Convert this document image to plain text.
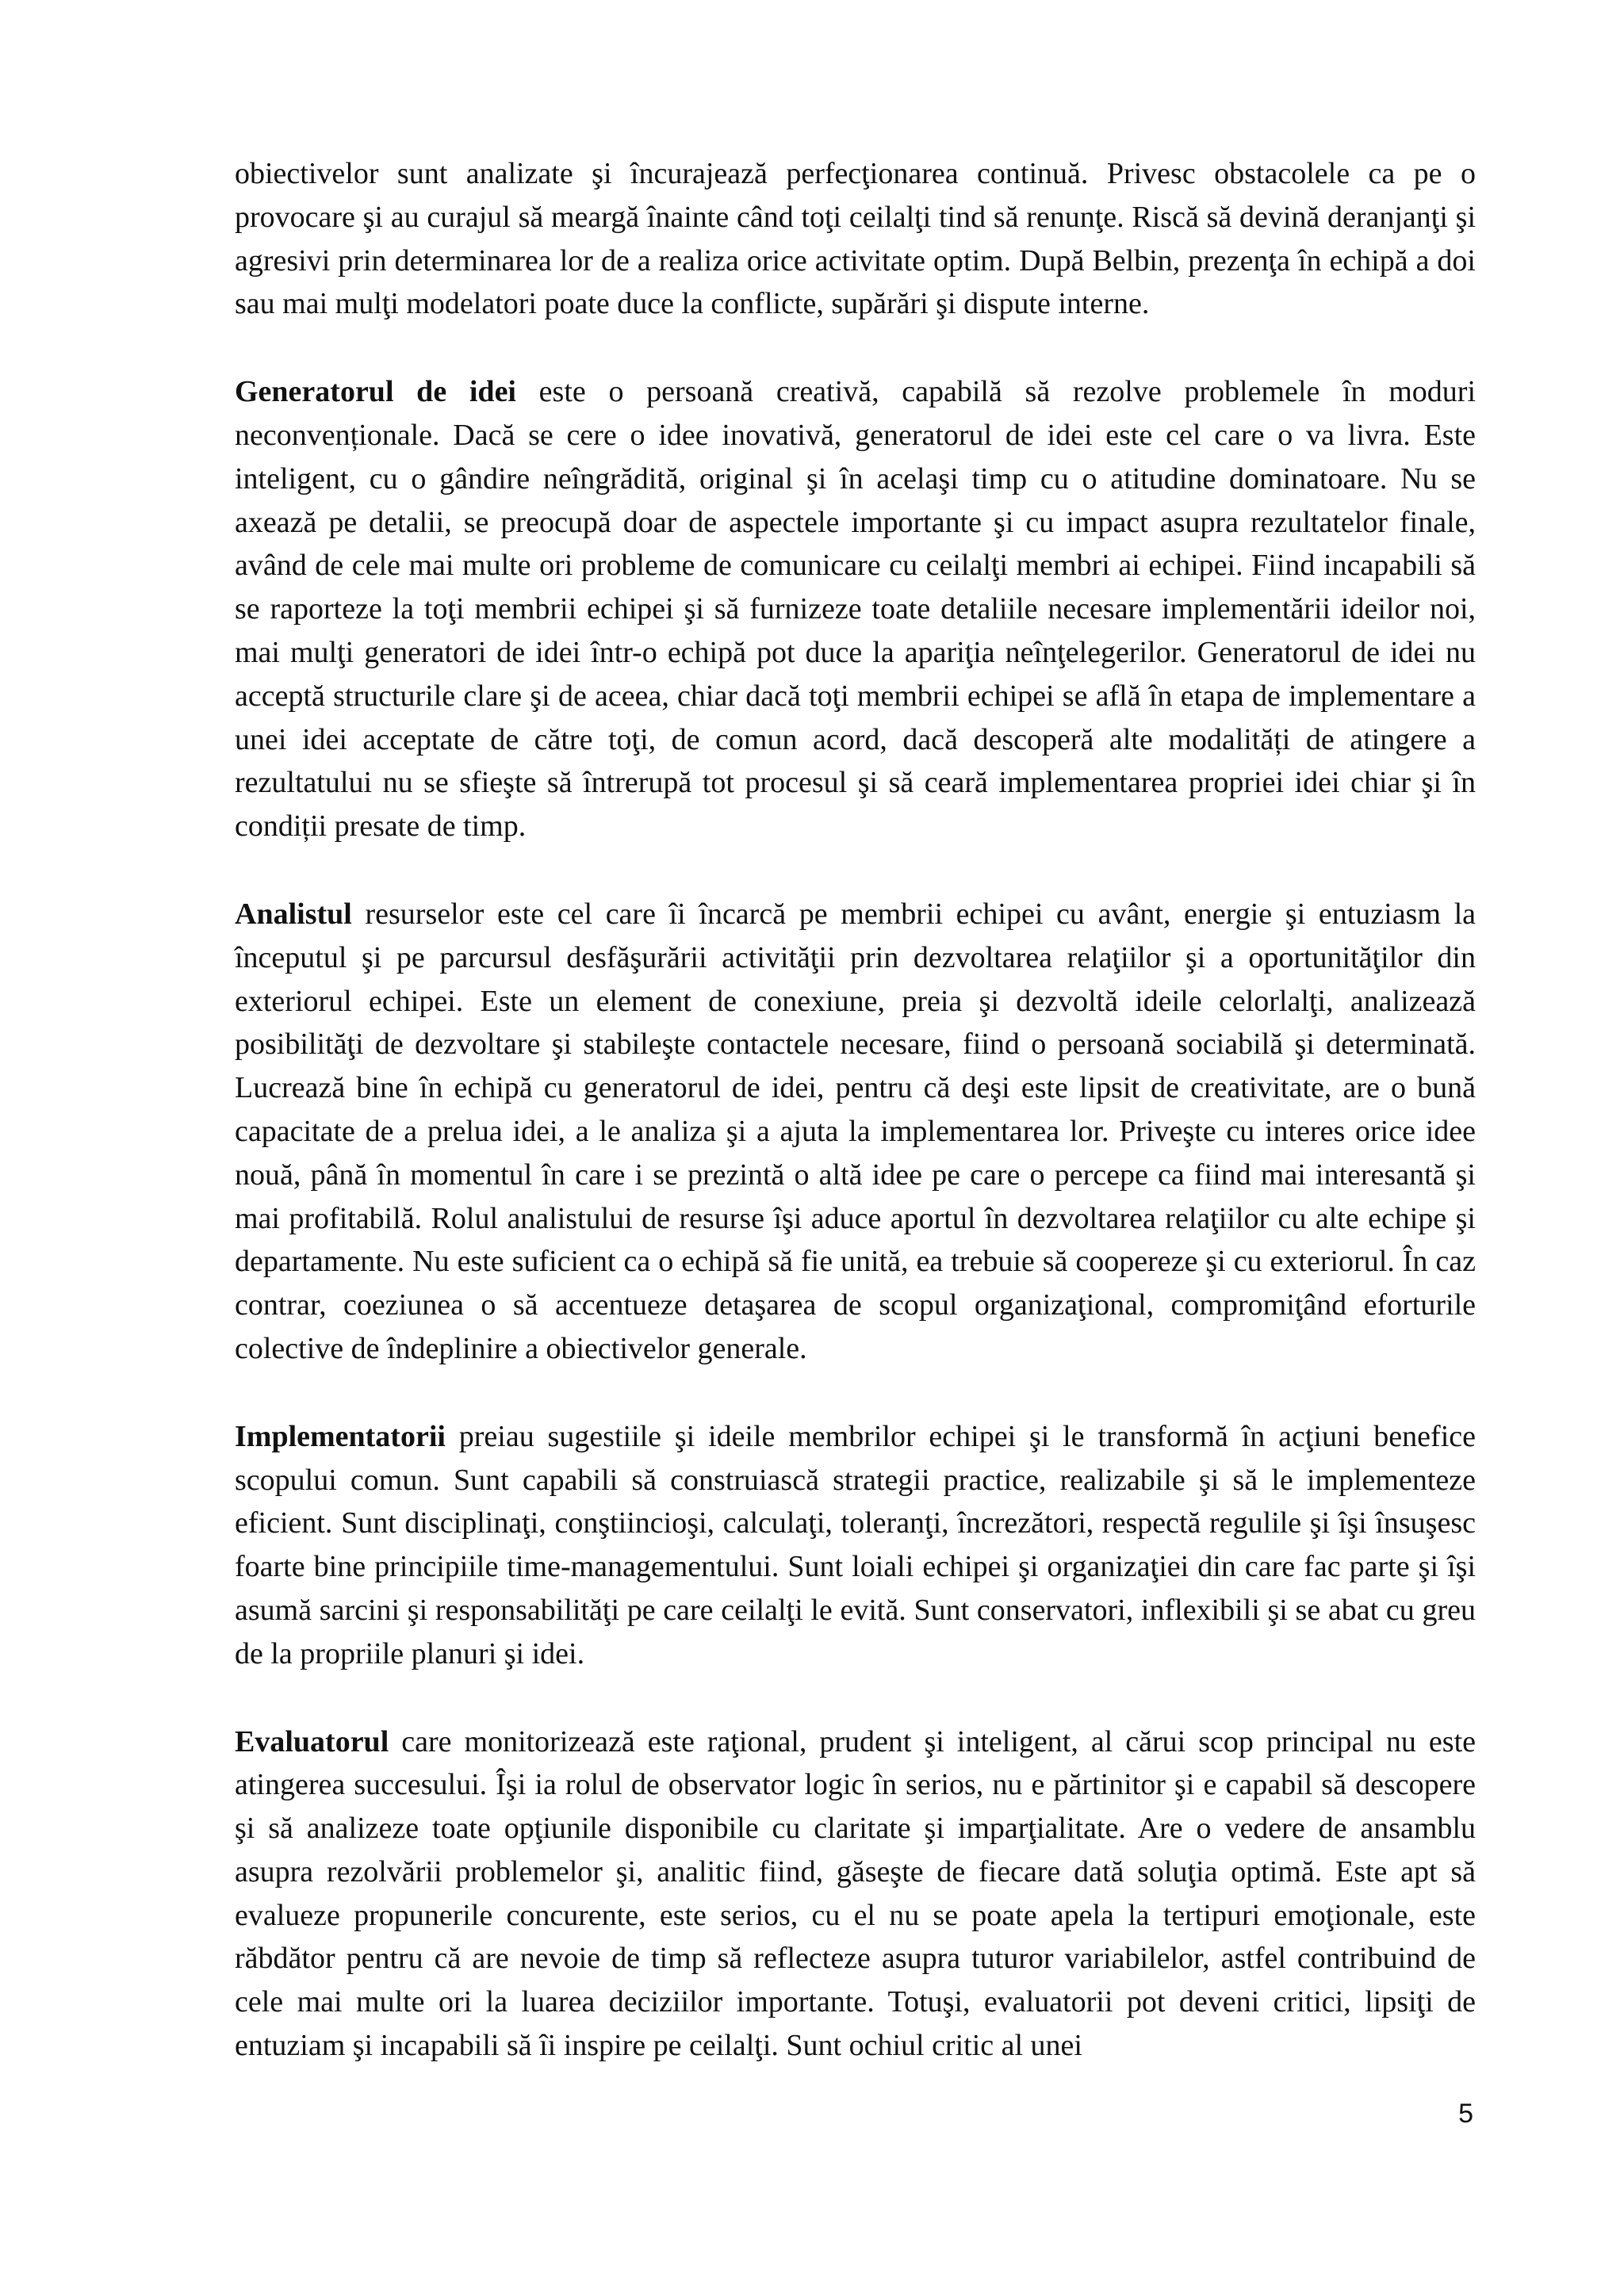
obiectivelor sunt analizate şi încurajează perfecţionarea continuă. Privesc obstacolele ca pe o provocare şi au curajul să meargă înainte când toţi ceilalţi tind să renunţe. Riscă să devină deranjanţi şi agresivi prin determinarea lor de a realiza orice activitate optim. După Belbin, prezenţa în echipă a doi sau mai mulţi modelatori poate duce la conflicte, supărări şi dispute interne.

Generatorul de idei este o persoană creativă, capabilă să rezolve problemele în moduri neconvenționale. Dacă se cere o idee inovativă, generatorul de idei este cel care o va livra. Este inteligent, cu o gândire neîngrădită, original şi în acelaşi timp cu o atitudine dominatoare. Nu se axează pe detalii, se preocupă doar de aspectele importante şi cu impact asupra rezultatelor finale, având de cele mai multe ori probleme de comunicare cu ceilalţi membri ai echipei. Fiind incapabili să se raporteze la toţi membrii echipei şi să furnizeze toate detaliile necesare implementării ideilor noi, mai mulţi generatori de idei într-o echipă pot duce la apariţia neînţelegerilor. Generatorul de idei nu acceptă structurile clare şi de aceea, chiar dacă toţi membrii echipei se află în etapa de implementare a unei idei acceptate de către toţi, de comun acord, dacă descoperă alte modalități de atingere a rezultatului nu se sfieşte să întrerupă tot procesul şi să ceară implementarea propriei idei chiar şi în condiții presate de timp.

Analistul resurselor este cel care îi încarcă pe membrii echipei cu avânt, energie şi entuziasm la începutul şi pe parcursul desfăşurării activităţii prin dezvoltarea relaţiilor şi a oportunităţilor din exteriorul echipei. Este un element de conexiune, preia şi dezvoltă ideile celorlalţi, analizează posibilităţi de dezvoltare şi stabileşte contactele necesare, fiind o persoană sociabilă şi determinată. Lucrează bine în echipă cu generatorul de idei, pentru că deşi este lipsit de creativitate, are o bună capacitate de a prelua idei, a le analiza şi a ajuta la implementarea lor. Priveşte cu interes orice idee nouă, până în momentul în care i se prezintă o altă idee pe care o percepe ca fiind mai interesantă şi mai profitabilă. Rolul analistului de resurse îşi aduce aportul în dezvoltarea relaţiilor cu alte echipe şi departamente. Nu este suficient ca o echipă să fie unită, ea trebuie să coopereze şi cu exteriorul. În caz contrar, coeziunea o să accentueze detaşarea de scopul organizaţional, compromiţând eforturile colective de îndeplinire a obiectivelor generale.

Implementatorii preiau sugestiile şi ideile membrilor echipei şi le transformă în acţiuni benefice scopului comun. Sunt capabili să construiască strategii practice, realizabile şi să le implementeze eficient. Sunt disciplinaţi, conştiincioşi, calculaţi, toleranţi, încrezători, respectă regulile şi îşi însuşesc foarte bine principiile time-managementului. Sunt loiali echipei şi organizaţiei din care fac parte şi îşi asumă sarcini şi responsabilităţi pe care ceilalţi le evită. Sunt conservatori, inflexibili şi se abat cu greu de la propriile planuri şi idei.

Evaluatorul care monitorizează este raţional, prudent şi inteligent, al cărui scop principal nu este atingerea succesului. Îşi ia rolul de observator logic în serios, nu e părtinitor şi e capabil să descopere şi să analizeze toate opţiunile disponibile cu claritate şi imparţialitate. Are o vedere de ansamblu asupra rezolvării problemelor şi, analitic fiind, găseşte de fiecare dată soluţia optimă. Este apt să evalueze propunerile concurente, este serios, cu el nu se poate apela la tertipuri emoţionale, este răbdător pentru că are nevoie de timp să reflecteze asupra tuturor variabilelor, astfel contribuind de cele mai multe ori la luarea deciziilor importante. Totuşi, evaluatorii pot deveni critici, lipsiţi de entuziam şi incapabili să îi inspire pe ceilalţi. Sunt ochiul critic al unei

5
